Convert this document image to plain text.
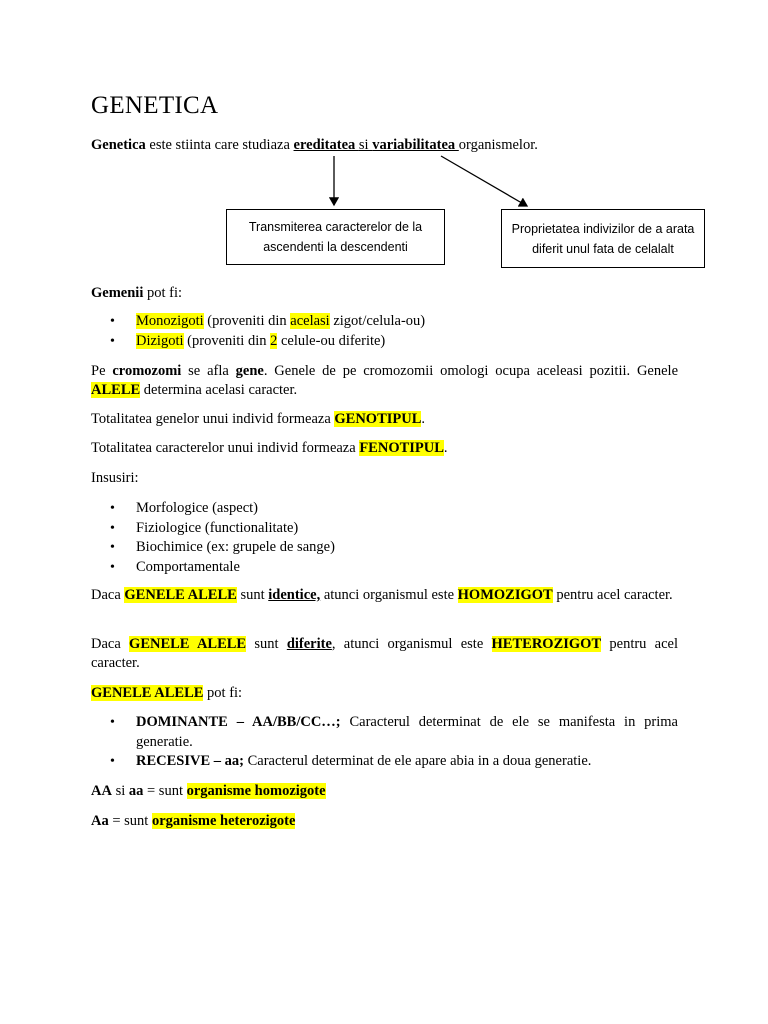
Transmiterea caracterelor de la ascendenti la descendenti
Proprietatea indivizilor de a arata diferit unul fata de celalalt
GENETICA

Genetica este stiinta care studiaza ereditatea si variabilitatea organismelor.

Gemenii pot fi:

• Monozigoti (proveniti din acelasi zigot/celula-ou)
• Dizigoti (proveniti din 2 celule-ou diferite)

Pe cromozomi se afla gene. Genele de pe cromozomii omologi ocupa aceleasi pozitii. Genele ALELE determina acelasi caracter.

Totalitatea genelor unui individ formeaza GENOTIPUL.

Totalitatea caracterelor unui individ formeaza FENOTIPUL.

Insusiri:

• Morfologice (aspect)
• Fiziologice (functionalitate)
• Biochimice (ex: grupele de sange)
• Comportamentale

Daca GENELE ALELE sunt identice, atunci organismul este HOMOZIGOT pentru acel caracter.

Daca GENELE ALELE sunt diferite, atunci organismul este HETEROZIGOT pentru acel caracter.

GENELE ALELE pot fi:

• DOMINANTE – AA/BB/CC…; Caracterul determinat de ele se manifesta in prima generatie.
• RECESIVE – aa; Caracterul determinat de ele apare abia in a doua generatie.

AA si aa = sunt organisme homozigote

Aa = sunt organisme heterozigote
